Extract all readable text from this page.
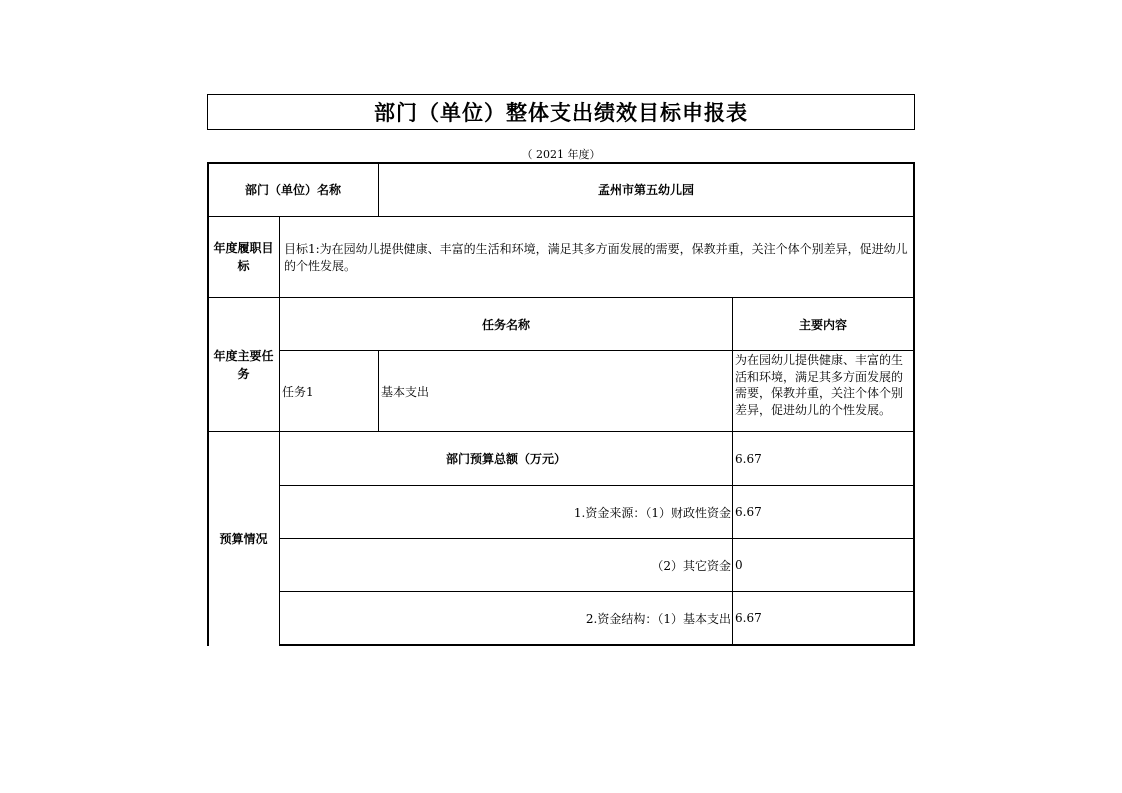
部门（单位）整体支出绩效目标申报表
（ 2021 年度）
部门（单位）名称	孟州市第五幼儿园
年度履职目标
目标1:为在园幼儿提供健康、丰富的生活和环境，满足其多方面发展的需要，保教并重，关注个体个别差异，促进幼儿的个性发展。
年度主要任务
任务名称	主要内容
任务1	基本支出
为在园幼儿提供健康、丰富的生活和环境，满足其多方面发展的需要，保教并重，关注个体个别差异，促进幼儿的个性发展。
预算情况
部门预算总额（万元）	6.67
1.资金来源：（1）财政性资金 6.67
（2）其它资金 0
2.资金结构：（1）基本支出 6.67
